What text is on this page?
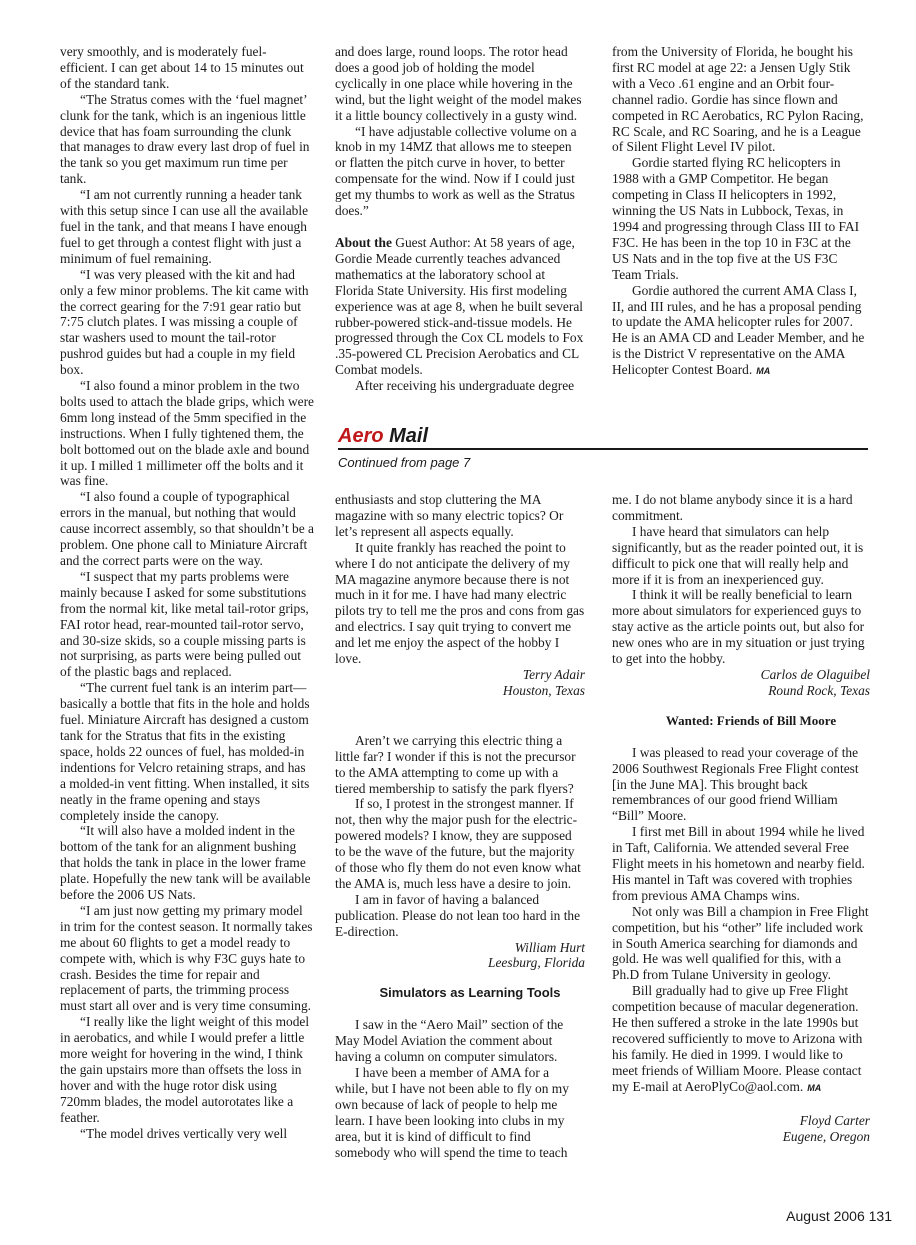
very smoothly, and is moderately fuel-efficient. I can get about 14 to 15 minutes out of the standard tank.

“The Stratus comes with the ‘fuel magnet’ clunk for the tank, which is an ingenious little device that has foam surrounding the clunk that manages to draw every last drop of fuel in the tank so you get maximum run time per tank.

“I am not currently running a header tank with this setup since I can use all the available fuel in the tank, and that means I have enough fuel to get through a contest flight with just a minimum of fuel remaining.

“I was very pleased with the kit and had only a few minor problems. The kit came with the correct gearing for the 7:91 gear ratio but 7:75 clutch plates. I was missing a couple of star washers used to mount the tail-rotor pushrod guides but had a couple in my field box.

“I also found a minor problem in the two bolts used to attach the blade grips, which were 6mm long instead of the 5mm specified in the instructions. When I fully tightened them, the bolt bottomed out on the blade axle and bound it up. I milled 1 millimeter off the bolts and it was fine.

“I also found a couple of typographical errors in the manual, but nothing that would cause incorrect assembly, so that shouldn’t be a problem. One phone call to Miniature Aircraft and the correct parts were on the way.

“I suspect that my parts problems were mainly because I asked for some substitutions from the normal kit, like metal tail-rotor grips, FAI rotor head, rear-mounted tail-rotor servo, and 30-size skids, so a couple missing parts is not surprising, as parts were being pulled out of the plastic bags and replaced.

“The current fuel tank is an interim part—basically a bottle that fits in the hole and holds fuel. Miniature Aircraft has designed a custom tank for the Stratus that fits in the existing space, holds 22 ounces of fuel, has molded-in indentions for Velcro retaining straps, and has a molded-in vent fitting. When installed, it sits neatly in the frame opening and stays completely inside the canopy.

“It will also have a molded indent in the bottom of the tank for an alignment bushing that holds the tank in place in the lower frame plate. Hopefully the new tank will be available before the 2006 US Nats.

“I am just now getting my primary model in trim for the contest season. It normally takes me about 60 flights to get a model ready to compete with, which is why F3C guys hate to crash. Besides the time for repair and replacement of parts, the trimming process must start all over and is very time consuming.

“I really like the light weight of this model in aerobatics, and while I would prefer a little more weight for hovering in the wind, I think the gain upstairs more than offsets the loss in hover and with the huge rotor disk using 720mm blades, the model autorotates like a feather.

“The model drives vertically very well

and does large, round loops. The rotor head does a good job of holding the model cyclically in one place while hovering in the wind, but the light weight of the model makes it a little bouncy collectively in a gusty wind.

“I have adjustable collective volume on a knob in my 14MZ that allows me to steepen or flatten the pitch curve in hover, to better compensate for the wind. Now if I could just get my thumbs to work as well as the Stratus does.”

About the Guest Author: At 58 years of age, Gordie Meade currently teaches advanced mathematics at the laboratory school at Florida State University. His first modeling experience was at age 8, when he built several rubber-powered stick-and-tissue models. He progressed through the Cox CL models to Fox .35-powered CL Precision Aerobatics and CL Combat models.

After receiving his undergraduate degree

from the University of Florida, he bought his first RC model at age 22: a Jensen Ugly Stik with a Veco .61 engine and an Orbit four-channel radio. Gordie has since flown and competed in RC Aerobatics, RC Pylon Racing, RC Scale, and RC Soaring, and he is a League of Silent Flight Level IV pilot.

Gordie started flying RC helicopters in 1988 with a GMP Competitor. He began competing in Class II helicopters in 1992, winning the US Nats in Lubbock, Texas, in 1994 and progressing through Class III to FAI F3C. He has been in the top 10 in F3C at the US Nats and in the top five at the US F3C Team Trials.

Gordie authored the current AMA Class I, II, and III rules, and he has a proposal pending to update the AMA helicopter rules for 2007. He is an AMA CD and Leader Member, and he is the District V representative on the AMA Helicopter Contest Board. MA

Aero Mail
Continued from page 7

enthusiasts and stop cluttering the MA magazine with so many electric topics? Or let’s represent all aspects equally.

It quite frankly has reached the point to where I do not anticipate the delivery of my MA magazine anymore because there is not much in it for me. I have had many electric pilots try to tell me the pros and cons from gas and electrics. I say quit trying to convert me and let me enjoy the aspect of the hobby I love.

Terry Adair
Houston, Texas

Aren’t we carrying this electric thing a little far? I wonder if this is not the precursor to the AMA attempting to come up with a tiered membership to satisfy the park flyers?

If so, I protest in the strongest manner. If not, then why the major push for the electric-powered models? I know, they are supposed to be the wave of the future, but the majority of those who fly them do not even know what the AMA is, much less have a desire to join.

I am in favor of having a balanced publication. Please do not lean too hard in the E-direction.

William Hurt
Leesburg, Florida

Simulators as Learning Tools

I saw in the “Aero Mail” section of the May Model Aviation the comment about having a column on computer simulators.

I have been a member of AMA for a while, but I have not been able to fly on my own because of lack of people to help me learn. I have been looking into clubs in my area, but it is kind of difficult to find somebody who will spend the time to teach

me. I do not blame anybody since it is a hard commitment.

I have heard that simulators can help significantly, but as the reader pointed out, it is difficult to pick one that will really help and more if it is from an inexperienced guy.

I think it will be really beneficial to learn more about simulators for experienced guys to stay active as the article points out, but also for new ones who are in my situation or just trying to get into the hobby.

Carlos de Olaguibel
Round Rock, Texas

Wanted: Friends of Bill Moore

I was pleased to read your coverage of the 2006 Southwest Regionals Free Flight contest [in the June MA]. This brought back remembrances of our good friend William “Bill” Moore.

I first met Bill in about 1994 while he lived in Taft, California. We attended several Free Flight meets in his hometown and nearby field. His mantel in Taft was covered with trophies from previous AMA Champs wins.

Not only was Bill a champion in Free Flight competition, but his “other” life included work in South America searching for diamonds and gold. He was well qualified for this, with a Ph.D from Tulane University in geology.

Bill gradually had to give up Free Flight competition because of macular degeneration. He then suffered a stroke in the late 1990s but recovered sufficiently to move to Arizona with his family. He died in 1999. I would like to meet friends of William Moore. Please contact my E-mail at AeroPlyCo@aol.com. MA

Floyd Carter
Eugene, Oregon
August 2006 131
